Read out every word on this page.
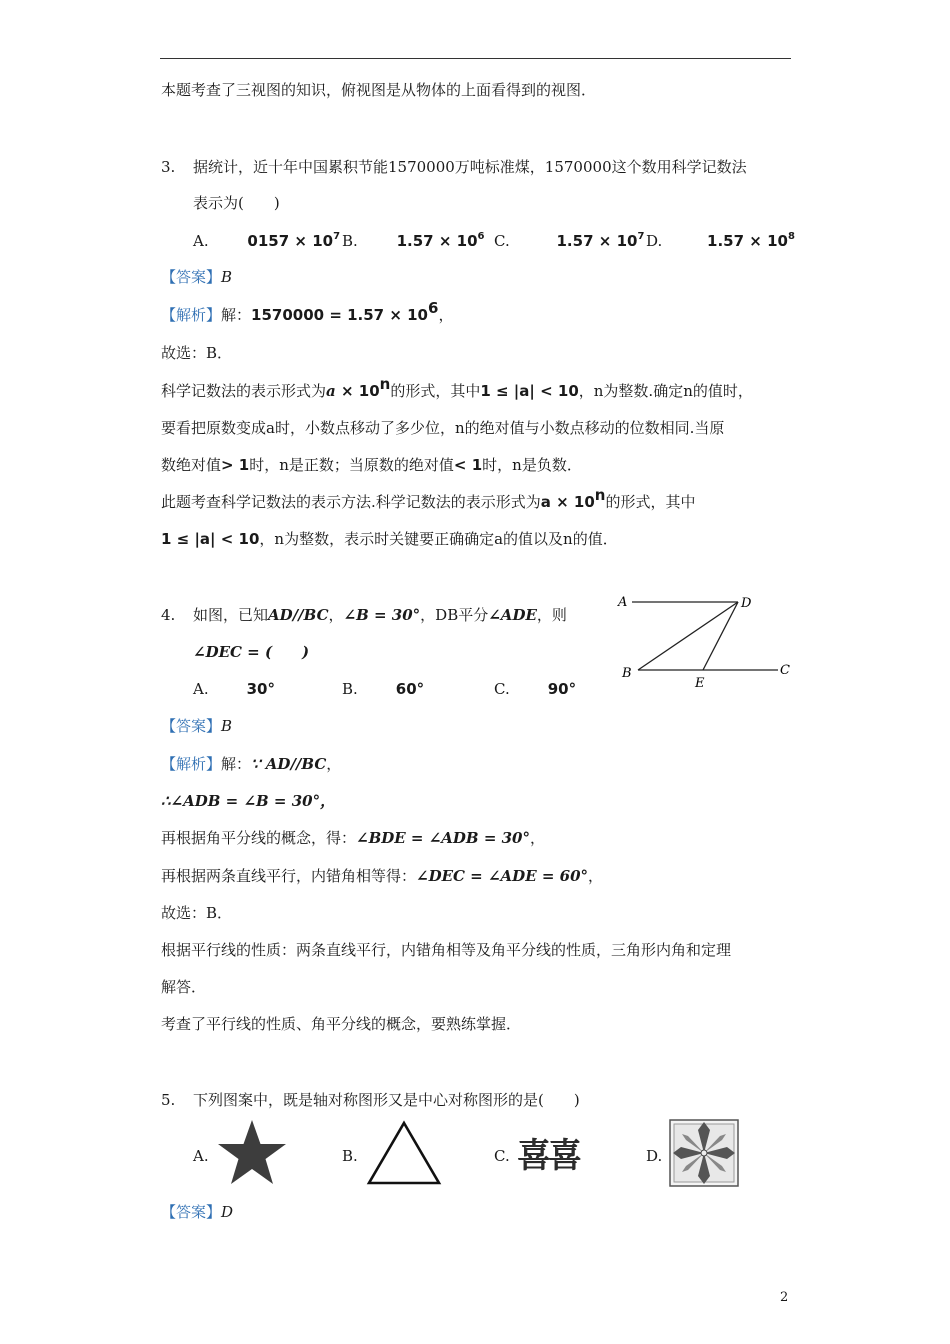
本题考查了三视图的知识，俯视图是从物体的上面看得到的视图．
3. 据统计，近十年中国累积节能1570000万吨标准煤，1570000这个数用科学记数法
表示为(　　)
A.	$0157 \times 10^7$ B.	$1.57 \times 10^6$ C.	$1.57 \times 10^7$ D.	$1.57 \times 10^8$
【答案】B
【解析】解：$1570000 = 1.57 \times 10^6$，
故选：B．
科学记数法的表示形式为$a \times 10^n$的形式，其中1 ≤ |a| < 10，n为整数.确定n的值时，
要看把原数变成a时，小数点移动了多少位，n的绝对值与小数点移动的位数相同.当原
数绝对值> 1时，n是正数；当原数的绝对值< 1时，n是负数．
此题考查科学记数法的表示方法.科学记数法的表示形式为$a \times 10^n$的形式，其中
1 ≤ |a| < 10，n为整数，表示时关键要正确确定a的值以及n的值．
4. 如图，已知AD//BC，∠B = 30°，DB平分∠ADE，则
∠DEC = (　　)
A.	30°	B.	60°	C.	90°
A	D
B
E
C
【答案】B
【解析】解：∵ AD//BC，
∴∠ADB = ∠B = 30°，
再根据角平分线的概念，得：∠BDE = ∠ADB = 30°，
再根据两条直线平行，内错角相等得：∠DEC = ∠ADE = 60°，
故选：B．
根据平行线的性质：两条直线平行，内错角相等及角平分线的性质，三角形内角和定理
解答．
考查了平行线的性质、角平分线的概念，要熟练掌握．
5. 下列图案中，既是轴对称图形又是中心对称图形的是(　　)
A.	B.	C. 喜喜	D.
【答案】D
2
